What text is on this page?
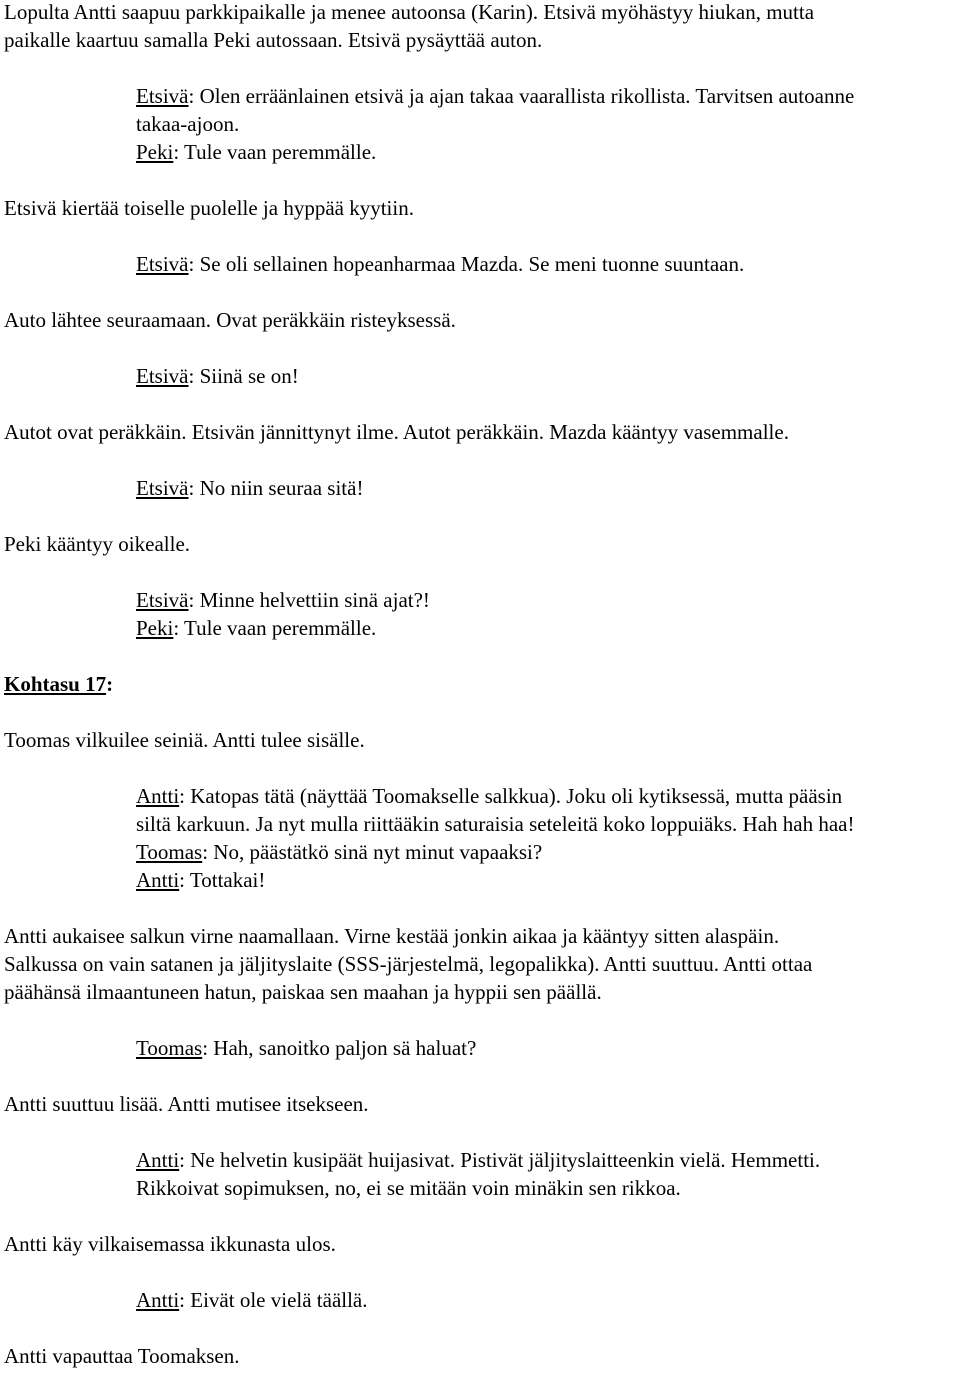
Lopulta Antti saapuu parkkipaikalle ja menee autoonsa (Karin). Etsivä myöhästyy hiukan, mutta
paikalle kaartuu samalla Peki autossaan. Etsivä pysäyttää auton.
Etsivä: Olen erräänlainen etsivä ja ajan takaa vaarallista rikollista. Tarvitsen autoanne
takaa-ajoon.
Peki: Tule vaan peremmälle.
Etsivä kiertää toiselle puolelle ja hyppää kyytiin.
Etsivä: Se oli sellainen hopeanharmaa Mazda. Se meni tuonne suuntaan.
Auto lähtee seuraamaan. Ovat peräkkäin risteyksessä.
Etsivä: Siinä se on!
Autot ovat peräkkäin. Etsivän jännittynyt ilme. Autot peräkkäin. Mazda kääntyy vasemmalle.
Etsivä: No niin seuraa sitä!
Peki kääntyy oikealle.
Etsivä: Minne helvettiin sinä ajat?!
Peki: Tule vaan peremmälle.
Kohtasu 17:
Toomas vilkuilee seiniä. Antti tulee sisälle.
Antti: Katopas tätä (näyttää Toomakselle salkkua). Joku oli kytiksessä, mutta pääsin
siltä karkuun. Ja nyt mulla riittääkin saturaisia seteleitä koko loppuiäks. Hah hah haa!
Toomas: No, päästätkö sinä nyt minut vapaaksi?
Antti: Tottakai!
Antti aukaisee salkun virne naamallaan. Virne kestää jonkin aikaa ja kääntyy sitten alaspäin.
Salkussa on vain satanen ja jäljityslaite (SSS-järjestelmä, legopalikka). Antti suuttuu. Antti ottaa
päähänsä ilmaantuneen hatun, paiskaa sen maahan ja hyppii sen päällä.
Toomas: Hah, sanoitko paljon sä haluat?
Antti suuttuu lisää. Antti mutisee itsekseen.
Antti: Ne helvetin kusipäät huijasivat. Pistivät jäljityslaitteenkin vielä. Hemmetti.
Rikkoivat sopimuksen, no, ei se mitään voin minäkin sen rikkoa.
Antti käy vilkaisemassa ikkunasta ulos.
Antti: Eivät ole vielä täällä.
Antti vapauttaa Toomaksen.
